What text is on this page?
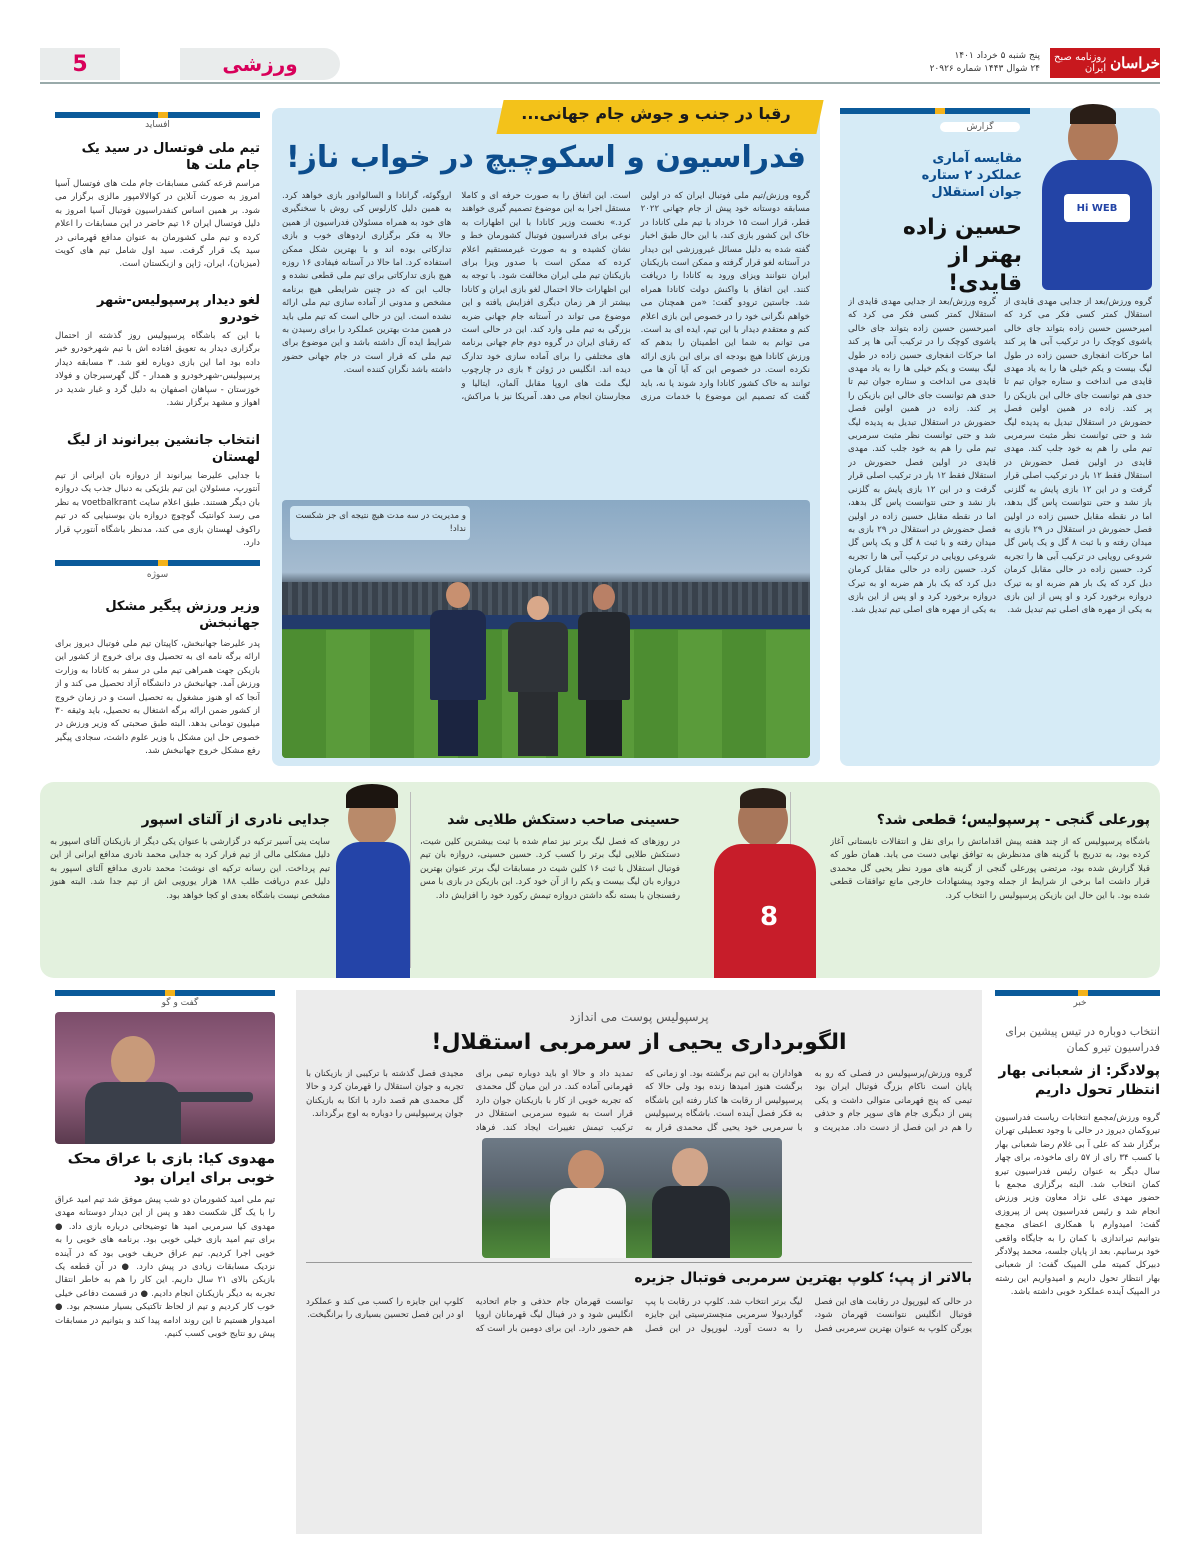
خراسان
روزنامه صبح ایران
پنج شنبه ۵ خرداد ۱۴۰۱
۲۴ شوال ۱۴۴۳ شماره ۲۰۹۲۶
ورزشی
5
افساید
تیم ملی فوتسال در سید یک جام ملت ها

مراسم قرعه کشی مسابقات جام ملت های فوتسال آسیا امروز به صورت آنلاین در کوالالامپور مالزی برگزار می شود. بر همین اساس کنفدراسیون فوتبال آسیا امروز به دلیل فوتسال ایران ۱۶ تیم حاضر در این مسابقات را اعلام کرده و تیم ملی کشورمان به عنوان مدافع قهرمانی در سید یک قرار گرفت. سید اول شامل تیم های کویت (میزبان)، ایران، ژاپن و ازبکستان است.

لغو دیدار پرسپولیس-شهر خودرو

با این که باشگاه پرسپولیس روز گذشته از احتمال برگزاری دیدار به تعویق افتاده اش با تیم شهرخودرو خبر داده بود اما این بازی دوباره لغو شد. ۳ مسابقه دیدار پرسپولیس-شهرخودرو و همدار - گل گهرسیرجان و فولاد خوزستان - سپاهان اصفهان به دلیل گرد و غبار شدید در اهواز و مشهد برگزار نشد.

انتخاب جانشین بیرانوند از لیگ لهستان

با جدایی علیرضا بیرانوند از دروازه بان ایرانی از تیم آنتورپ، مسئولان این تیم بلژیکی به دنبال جذب یک دروازه بان دیگر هستند. طبق اعلام سایت voetbalkrant به نظر می رسد کوانتیک گوچوچ دروازه بان بوسنیایی که در تیم راکوف لهستان بازی می کند، مدنظر باشگاه آنتورپ قرار دارد.

سوژه
وزیر ورزش پیگیر مشکل جهانبخش

پدر علیرضا جهانبخش، کاپیتان تیم ملی فوتبال دیروز برای ارائه برگه نامه ای به تحصیل وی برای خروج از کشور این بازیکن جهت همراهی تیم ملی در سفر به کانادا به وزارت ورزش آمد. جهانبخش در دانشگاه آزاد تحصیل می کند و از آنجا که او هنوز مشغول به تحصیل است و در زمان خروج از کشور ضمن ارائه برگه اشتغال به تحصیل، باید وثیقه ۳۰ میلیون تومانی بدهد. البته طبق صحبتی که وزیر ورزش در خصوص حل این مشکل با وزیر علوم داشت، سجادی پیگیر رفع مشکل خروج جهانبخش شد.

رقبا در جنب و جوش جام جهانی...
فدراسیون و اسکوچیچ در خواب ناز!

گروه ورزش/تیم ملی فوتبال ایران که در اولین مسابقه دوستانه خود پیش از جام جهانی ۲۰۲۲ قطر، قرار است ۱۵ خرداد با تیم ملی کانادا در خاک این کشور بازی کند، با این حال طبق اخبار گفته شده به دلیل مسائل غیرورزشی این دیدار در آستانه لغو قرار گرفته و ممکن است بازیکنان ایران نتوانند ویزای ورود به کانادا را دریافت کنند. این اتفاق با واکنش دولت کانادا همراه شد. جاستین ترودو گفت: «من همچنان می خواهم نگرانی خود را در خصوص این بازی اعلام کنم و معتقدم دیدار با این تیم، ایده ای بد است. می توانم به شما این اطمینان را بدهم که ورزش کانادا هیچ بودجه ای برای این بازی ارائه نکرده است. در خصوص این که آیا آن ها می توانند به خاک کشور کانادا وارد شوند یا نه، باید گفت که تصمیم این موضوع با خدمات مرزی است. این اتفاق را به صورت حرفه ای و کاملا مستقل اجرا به این موضوع تصمیم گیری خواهند کرد.» نخست وزیر کانادا با این اظهارات به نوعی برای فدراسیون فوتبال کشورمان خط و نشان کشیده و به صورت غیرمستقیم اعلام کرده که ممکن است با صدور ویزا برای بازیکنان تیم ملی ایران مخالفت شود. با توجه به این اظهارات حالا احتمال لغو بازی ایران و کانادا بیشتر از هر زمان دیگری افزایش یافته و این موضوع می تواند در آستانه جام جهانی ضربه بزرگی به تیم ملی وارد کند. این در حالی است که رقبای ایران در گروه دوم جام جهانی برنامه های مختلفی را برای آماده سازی خود تدارک دیده اند. انگلیس در ژوئن ۴ بازی در چارچوب لیگ ملت های اروپا مقابل آلمان، ایتالیا و مجارستان انجام می دهد. آمریکا نیز با مراکش، اروگوئه، گرانادا و السالوادور بازی خواهد کرد. به همین دلیل کارلوس کی روش با سخنگیری های خود به همراه مسئولان فدراسیون از همین حالا به فکر برگزاری اردوهای خوب و بازی تدارکاتی بوده اند و با بهترین شکل ممکن استفاده کرد. اما حالا در آستانه فیفادی ۱۶ روزه هیچ بازی تدارکاتی برای تیم ملی قطعی نشده و جالب این که در چنین شرایطی هیچ برنامه مشخص و مدونی از آماده سازی تیم ملی ارائه نشده است. این در حالی است که تیم ملی باید در همین مدت بهترین عملکرد را برای رسیدن به شرایط ایده آل داشته باشد و این موضوع برای تیم ملی که قرار است در جام جهانی حضور داشته باشد نگران کننده است.

و مدیریت در سه مدت هیچ نتیجه ای جز شکست نداد!
گزارش
مقایسه آماری عملکرد ۲ ستاره جوان استقلال
حسین زاده بهتر از قایدی!
Hi WEB

گروه ورزش/بعد از جدایی مهدی قایدی از استقلال کمتر کسی فکر می کرد که امیرحسین حسین زاده بتواند جای خالی یاشوی کوچک را در ترکیب آبی ها پر کند اما حرکات انفجاری حسین زاده در طول لیگ بیست و یکم خیلی ها را به یاد مهدی قایدی می انداخت و ستاره جوان تیم تا حدی هم توانست جای خالی این بازیکن را پر کند. زاده در همین اولین فصل حضورش در استقلال تبدیل به پدیده لیگ شد و حتی توانست نظر مثبت سرمربی تیم ملی را هم به خود جلب کند. مهدی قایدی در اولین فصل حضورش در استقلال فقط ۱۲ بار در ترکیب اصلی قرار گرفت و در این ۱۲ بازی پایش به گلزنی باز نشد و حتی نتوانست پاس گل بدهد، اما در نقطه مقابل حسین زاده در اولین فصل حضورش در استقلال در ۲۹ بازی به میدان رفته و با ثبت ۸ گل و یک پاس گل شروعی رویایی در ترکیب آبی ها را تجربه کرد. حسین زاده در حالی مقابل کرمان دبل کرد که یک بار هم ضربه او به تیرک دروازه برخورد کرد و او پس از این بازی به یکی از مهره های اصلی تیم تبدیل شد.

گروه ورزش/بعد از جدایی مهدی قایدی از استقلال کمتر کسی فکر می کرد که امیرحسین حسین زاده بتواند جای خالی یاشوی کوچک را در ترکیب آبی ها پر کند اما حرکات انفجاری حسین زاده در طول لیگ بیست و یکم خیلی ها را به یاد مهدی قایدی می انداخت و ستاره جوان تیم تا حدی هم توانست جای خالی این بازیکن را پر کند. زاده در همین اولین فصل حضورش در استقلال تبدیل به پدیده لیگ شد و حتی توانست نظر مثبت سرمربی تیم ملی را هم به خود جلب کند. مهدی قایدی در اولین فصل حضورش در استقلال فقط ۱۲ بار در ترکیب اصلی قرار گرفت و در این ۱۲ بازی پایش به گلزنی باز نشد و حتی نتوانست پاس گل بدهد، اما در نقطه مقابل حسین زاده در اولین فصل حضورش در استقلال در ۲۹ بازی به میدان رفته و با ثبت ۸ گل و یک پاس گل شروعی رویایی در ترکیب آبی ها را تجربه کرد. حسین زاده در حالی مقابل کرمان دبل کرد که یک بار هم ضربه او به تیرک دروازه برخورد کرد و او پس از این بازی به یکی از مهره های اصلی تیم تبدیل شد.

پورعلی گنجی - پرسپولیس؛ قطعی شد؟

باشگاه پرسپولیس که از چند هفته پیش اقداماتش را برای نقل و انتقالات تابستانی آغاز کرده بود، به تدریج با گزینه های مدنظرش به توافق نهایی دست می یابد. همان طور که قبلا گزارش شده بود، مرتضی پورعلی گنجی از گزینه های مورد نظر یحیی گل محمدی قرار داشت اما برخی از شرایط از جمله وجود پیشنهادات خارجی مانع توافقات قطعی شده بود. با این حال این بازیکن پرسپولیس را انتخاب کرد.

8
حسینی صاحب دستکش طلایی شد

در روزهای که فصل لیگ برتر نیز تمام شده با ثبت بیشترین کلین شیت، دستکش طلایی لیگ برتر را کسب کرد. حسین حسینی، دروازه بان تیم فوتبال استقلال با ثبت ۱۶ کلین شیت در مسابقات لیگ برتر عنوان بهترین دروازه بان لیگ بیست و یکم را از آن خود کرد. این بازیکن در بازی با مس رفسنجان با بسته نگه داشتن دروازه تیمش رکورد خود را افزایش داد.

جدایی نادری از آلتای اسپور

سایت ینی آسیر ترکیه در گزارشی با عنوان یکی دیگر از بازیکنان آلتای اسپور به دلیل مشکلی مالی از تیم فرار کرد به جدایی محمد نادری مدافع ایرانی از این تیم پرداخت. این رسانه ترکیه ای نوشت: محمد نادری مدافع آلتای اسپور به دلیل عدم دریافت طلب ۱۸۸ هزار یورویی اش از تیم جدا شد. البته هنوز مشخص نیست باشگاه بعدی او کجا خواهد بود.

گفت و گو
مهدوی کیا: بازی با عراق محک خوبی برای ایران بود

تیم ملی امید کشورمان دو شب پیش موفق شد تیم امید عراق را با یک گل شکست دهد و پس از این دیدار دوستانه مهدی مهدوی کیا سرمربی امید ها توضیحاتی درباره بازی داد. ● برای تیم امید بازی خیلی خوبی بود. برنامه های خوبی را به خوبی اجرا کردیم. تیم عراق حریف خوبی بود که در آینده نزدیک مسابقات زیادی در پیش دارد. ● در آن قطعه یک بازیکن بالای ۲۱ سال داریم. این کار را هم به خاطر انتقال تجربه به دیگر بازیکنان انجام دادیم. ● در قسمت دفاعی خیلی خوب کار کردیم و تیم از لحاظ تاکتیکی بسیار منسجم بود. ● امیدوار هستیم تا این روند ادامه پیدا کند و بتوانیم در مسابقات پیش رو نتایج خوبی کسب کنیم.

پرسپولیس پوست می اندازد
الگوبرداری یحیی از سرمربی استقلال!

گروه ورزش/پرسپولیس در فصلی که رو به پایان است ناکام بزرگ فوتبال ایران بود تیمی که پنج قهرمانی متوالی داشت و یکی پس از دیگری جام های سوپر جام و حذفی را هم در این فصل از دست داد. مدیریت و هواداران به این تیم برگشته بود. او زمانی که برگشت هنوز امیدها زنده بود ولی حالا که پرسپولیس از رقابت ها کنار رفته این باشگاه به فکر فصل آینده است. باشگاه پرسپولیس با سرمربی خود یحیی گل محمدی قرار به تمدید داد و حالا او باید دوباره تیمی برای قهرمانی آماده کند. در این میان گل محمدی که تجربه خوبی از کار با بازیکنان جوان دارد قرار است به شیوه سرمربی استقلال در ترکیب تیمش تغییرات ایجاد کند. فرهاد مجیدی فصل گذشته با ترکیبی از بازیکنان با تجربه و جوان استقلال را قهرمان کرد و حالا گل محمدی هم قصد دارد با اتکا به بازیکنان جوان پرسپولیس را دوباره به اوج برگرداند.

بالاتر از پپ؛ کلوپ بهترین سرمربی فوتبال جزیره

در حالی که لیورپول در رقابت های این فصل فوتبال انگلیس نتوانست قهرمان شود، یورگن کلوپ به عنوان بهترین سرمربی فصل لیگ برتر انتخاب شد. کلوپ در رقابت با پپ گواردیولا سرمربی منچسترسیتی این جایزه را به دست آورد. لیورپول در این فصل توانست قهرمان جام حذفی و جام اتحادیه انگلیس شود و در فینال لیگ قهرمانان اروپا هم حضور دارد. این برای دومین بار است که کلوپ این جایزه را کسب می کند و عملکرد او در این فصل تحسین بسیاری را برانگیخت.

خبر
انتخاب دوباره در تیس پیشین برای فدراسیون تیرو کمان
پولادگر: از شعبانی بهار انتظار تحول داریم

گروه ورزش/مجمع انتخابات ریاست فدراسیون تیروکمان دیروز در حالی با وجود تعطیلی تهران برگزار شد که علی آ بی غلام رضا شعبانی بهار با کسب ۳۴ رای از ۵۷ رای ماخوذه، برای چهار سال دیگر به عنوان رئیس فدراسیون تیرو کمان انتخاب شد. البته برگزاری مجمع با حضور مهدی علی نژاد معاون وزیر ورزش انجام شد و رئیس فدراسیون پس از پیروزی گفت: امیدوارم با همکاری اعضای مجمع بتوانیم تیراندازی با کمان را به جایگاه واقعی خود برسانیم. بعد از پایان جلسه، محمد پولادگر دبیرکل کمیته ملی المپیک گفت: از شعبانی بهار انتظار تحول داریم و امیدواریم این رشته در المپیک آینده عملکرد خوبی داشته باشد.
